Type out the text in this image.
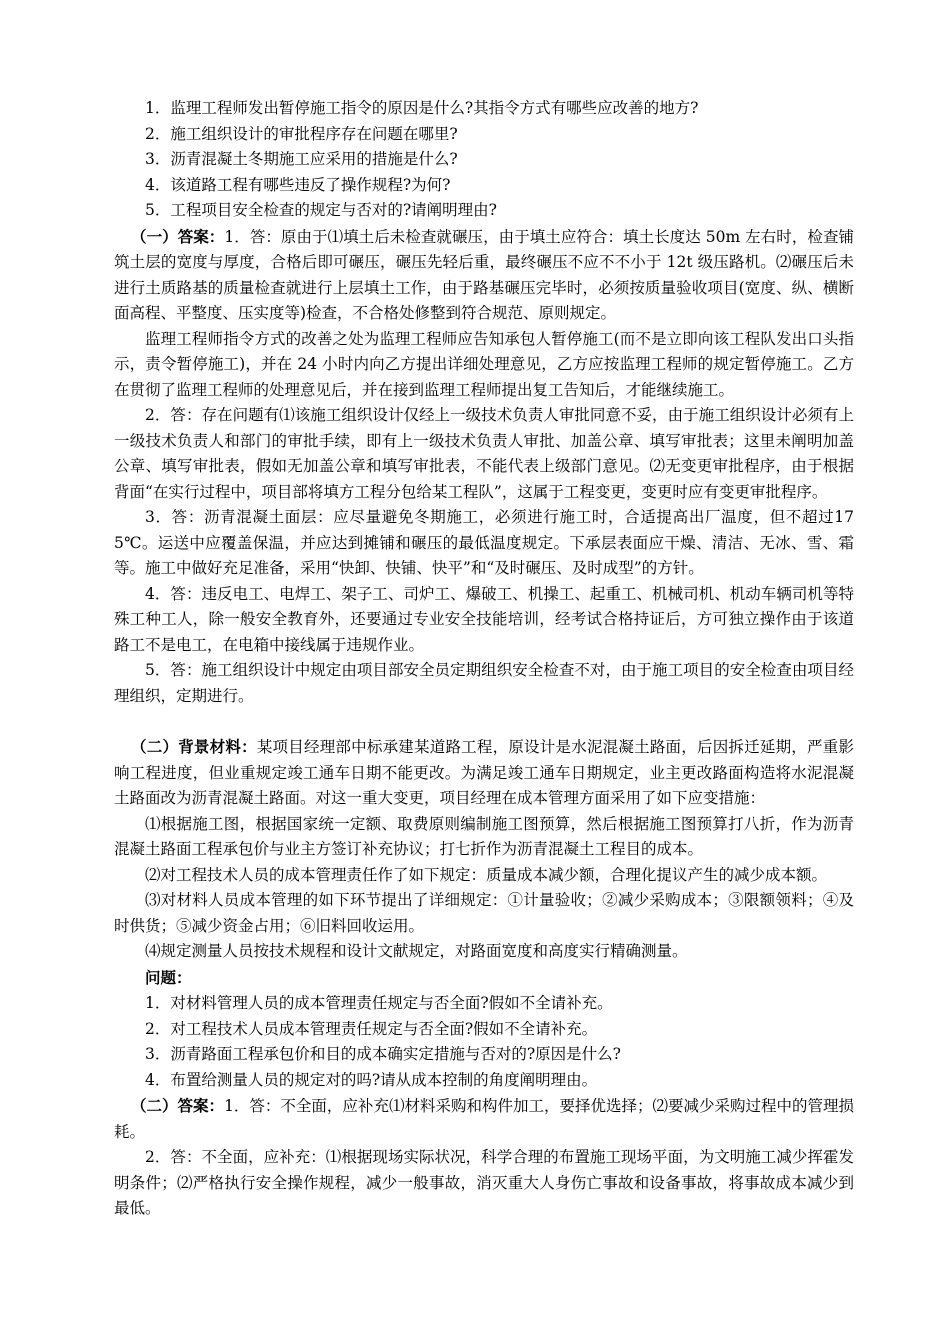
1．监理工程师发出暂停施工指令的原因是什么?其指令方式有哪些应改善的地方?

2．施工组织设计的审批程序存在问题在哪里?

3．沥青混凝土冬期施工应采用的措施是什么?

4．该道路工程有哪些违反了操作规程?为何?

5．工程项目安全检查的规定与否对的?请阐明理由?

（一）答案：1．答：原由于⑴填土后未检查就碾压，由于填土应符合：填土长度达 50m 左右时，检查铺筑土层的宽度与厚度，合格后即可碾压，碾压先轻后重，最终碾压不应不不小于 12t 级压路机。⑵碾压后未进行土质路基的质量检查就进行上层填土工作，由于路基碾压完毕时，必须按质量验收项目(宽度、纵、横断面高程、平整度、压实度等)检查，不合格处修整到符合规范、原则规定。

监理工程师指令方式的改善之处为监理工程师应告知承包人暂停施工(而不是立即向该工程队发出口头指示，责令暂停施工)，并在 24 小时内向乙方提出详细处理意见，乙方应按监理工程师的规定暂停施工。乙方在贯彻了监理工程师的处理意见后，并在接到监理工程师提出复工告知后，才能继续施工。

2．答：存在问题有⑴该施工组织设计仅经上一级技术负责人审批同意不妥，由于施工组织设计必须有上一级技术负责人和部门的审批手续，即有上一级技术负责人审批、加盖公章、填写审批表；这里未阐明加盖公章、填写审批表，假如无加盖公章和填写审批表，不能代表上级部门意见。⑵无变更审批程序，由于根据背面“在实行过程中，项目部将填方工程分包给某工程队”，这属于工程变更，变更时应有变更审批程序。

3．答：沥青混凝土面层：应尽量避免冬期施工，必须进行施工时，合适提高出厂温度，但不超过175℃。运送中应覆盖保温，并应达到摊铺和碾压的最低温度规定。下承层表面应干燥、清洁、无冰、雪、霜等。施工中做好充足准备，采用“快卸、快铺、快平”和“及时碾压、及时成型”的方针。

4．答：违反电工、电焊工、架子工、司炉工、爆破工、机操工、起重工、机械司机、机动车辆司机等特殊工种工人，除一般安全教育外，还要通过专业安全技能培训，经考试合格持证后，方可独立操作由于该道路工不是电工，在电箱中接线属于违规作业。

5．答：施工组织设计中规定由项目部安全员定期组织安全检查不对，由于施工项目的安全检查由项目经理组织，定期进行。

（二）背景材料：某项目经理部中标承建某道路工程，原设计是水泥混凝土路面，后因拆迁延期，严重影响工程进度，但业重规定竣工通车日期不能更改。为满足竣工通车日期规定，业主更改路面构造将水泥混凝土路面改为沥青混凝土路面。对这一重大变更，项目经理在成本管理方面采用了如下应变措施：

⑴根据施工图，根据国家统一定额、取费原则编制施工图预算，然后根据施工图预算打八折，作为沥青混凝土路面工程承包价与业主方签订补充协议；打七折作为沥青混凝土工程目的成本。

⑵对工程技术人员的成本管理责任作了如下规定：质量成本减少额，合理化提议产生的减少成本额。

⑶对材料人员成本管理的如下环节提出了详细规定：①计量验收；②减少采购成本；③限额领料；④及时供货；⑤减少资金占用；⑥旧料回收运用。

⑷规定测量人员按技术规程和设计文献规定，对路面宽度和高度实行精确测量。

问题：

1．对材料管理人员的成本管理责任规定与否全面?假如不全请补充。

2．对工程技术人员成本管理责任规定与否全面?假如不全请补充。

3．沥青路面工程承包价和目的成本确实定措施与否对的?原因是什么?

4．布置给测量人员的规定对的吗?请从成本控制的角度阐明理由。

（二）答案：1．答：不全面，应补充⑴材料采购和构件加工，要择优选择；⑵要减少采购过程中的管理损耗。

2．答：不全面，应补充：⑴根据现场实际状况，科学合理的布置施工现场平面，为文明施工减少挥霍发明条件；⑵严格执行安全操作规程，减少一般事故，消灭重大人身伤亡事故和设备事故，将事故成本减少到最低。
